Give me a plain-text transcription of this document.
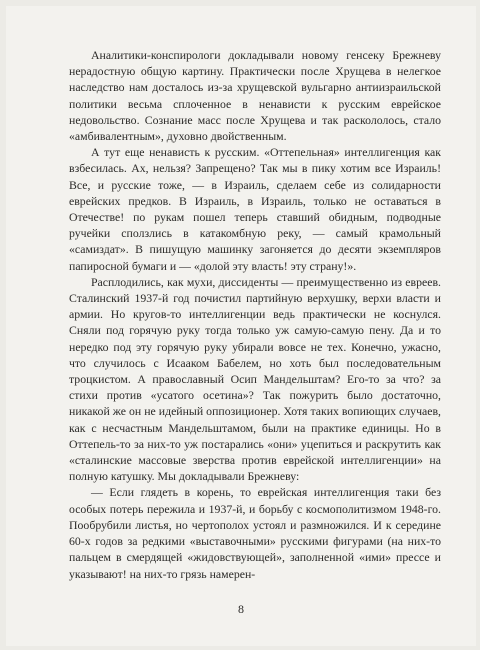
Аналитики-конспирологи докладывали новому генсеку Брежневу нерадостную общую картину. Практически после Хрущева в нелегкое наследство нам досталось из-за хрущевской вульгарно антиизраильской политики весьма сплоченное в ненависти к русским еврейское недовольство. Сознание масс после Хрущева и так раскололось, стало «амбивалентным», духовно двойственным.

А тут еще ненависть к русским. «Оттепельная» интеллигенция как взбесилась. Ах, нельзя? Запрещено? Так мы в пику хотим все Израиль! Все, и русские тоже, — в Израиль, сделаем себе из солидарности еврейских предков. В Израиль, в Израиль, только не оставаться в Отечестве! по рукам пошел теперь ставший обидным, подводные ручейки сползлись в катакомбную реку, — самый крамольный «самиздат». В пишущую машинку загоняется до десяти экземпляров папиросной бумаги и — «долой эту власть! эту страну!».

Расплодились, как мухи, диссиденты — преимущественно из евреев. Сталинский 1937-й год почистил партийную верхушку, верхи власти и армии. Но кругов-то интеллигенции ведь практически не коснулся. Сняли под горячую руку тогда только уж самую-самую пену. Да и то нередко под эту горячую руку убирали вовсе не тех. Конечно, ужасно, что случилось с Исааком Бабелем, но хоть был последовательным троцкистом. А православный Осип Мандельштам? Его-то за что? за стихи против «усатого осетина»? Так пожурить было достаточно, никакой же он не идейный оппозиционер. Хотя таких вопиющих случаев, как с несчастным Мандельштамом, были на практике единицы. Но в Оттепель-то за них-то уж постарались «они» уцепиться и раскрутить как «сталинские массовые зверства против еврейской интеллигенции» на полную катушку. Мы докладывали Брежневу:

— Если глядеть в корень, то еврейская интеллигенция таки без особых потерь пережила и 1937-й, и борьбу с космополитизмом 1948-го. Пообрубили листья, но чертополох устоял и размножился. И к середине 60-х годов за редкими «выставочными» русскими фигурами (на них-то пальцем в смердящей «жидовствующей», заполненной «ими» прессе и указывают! на них-то грязь намерен-

8
